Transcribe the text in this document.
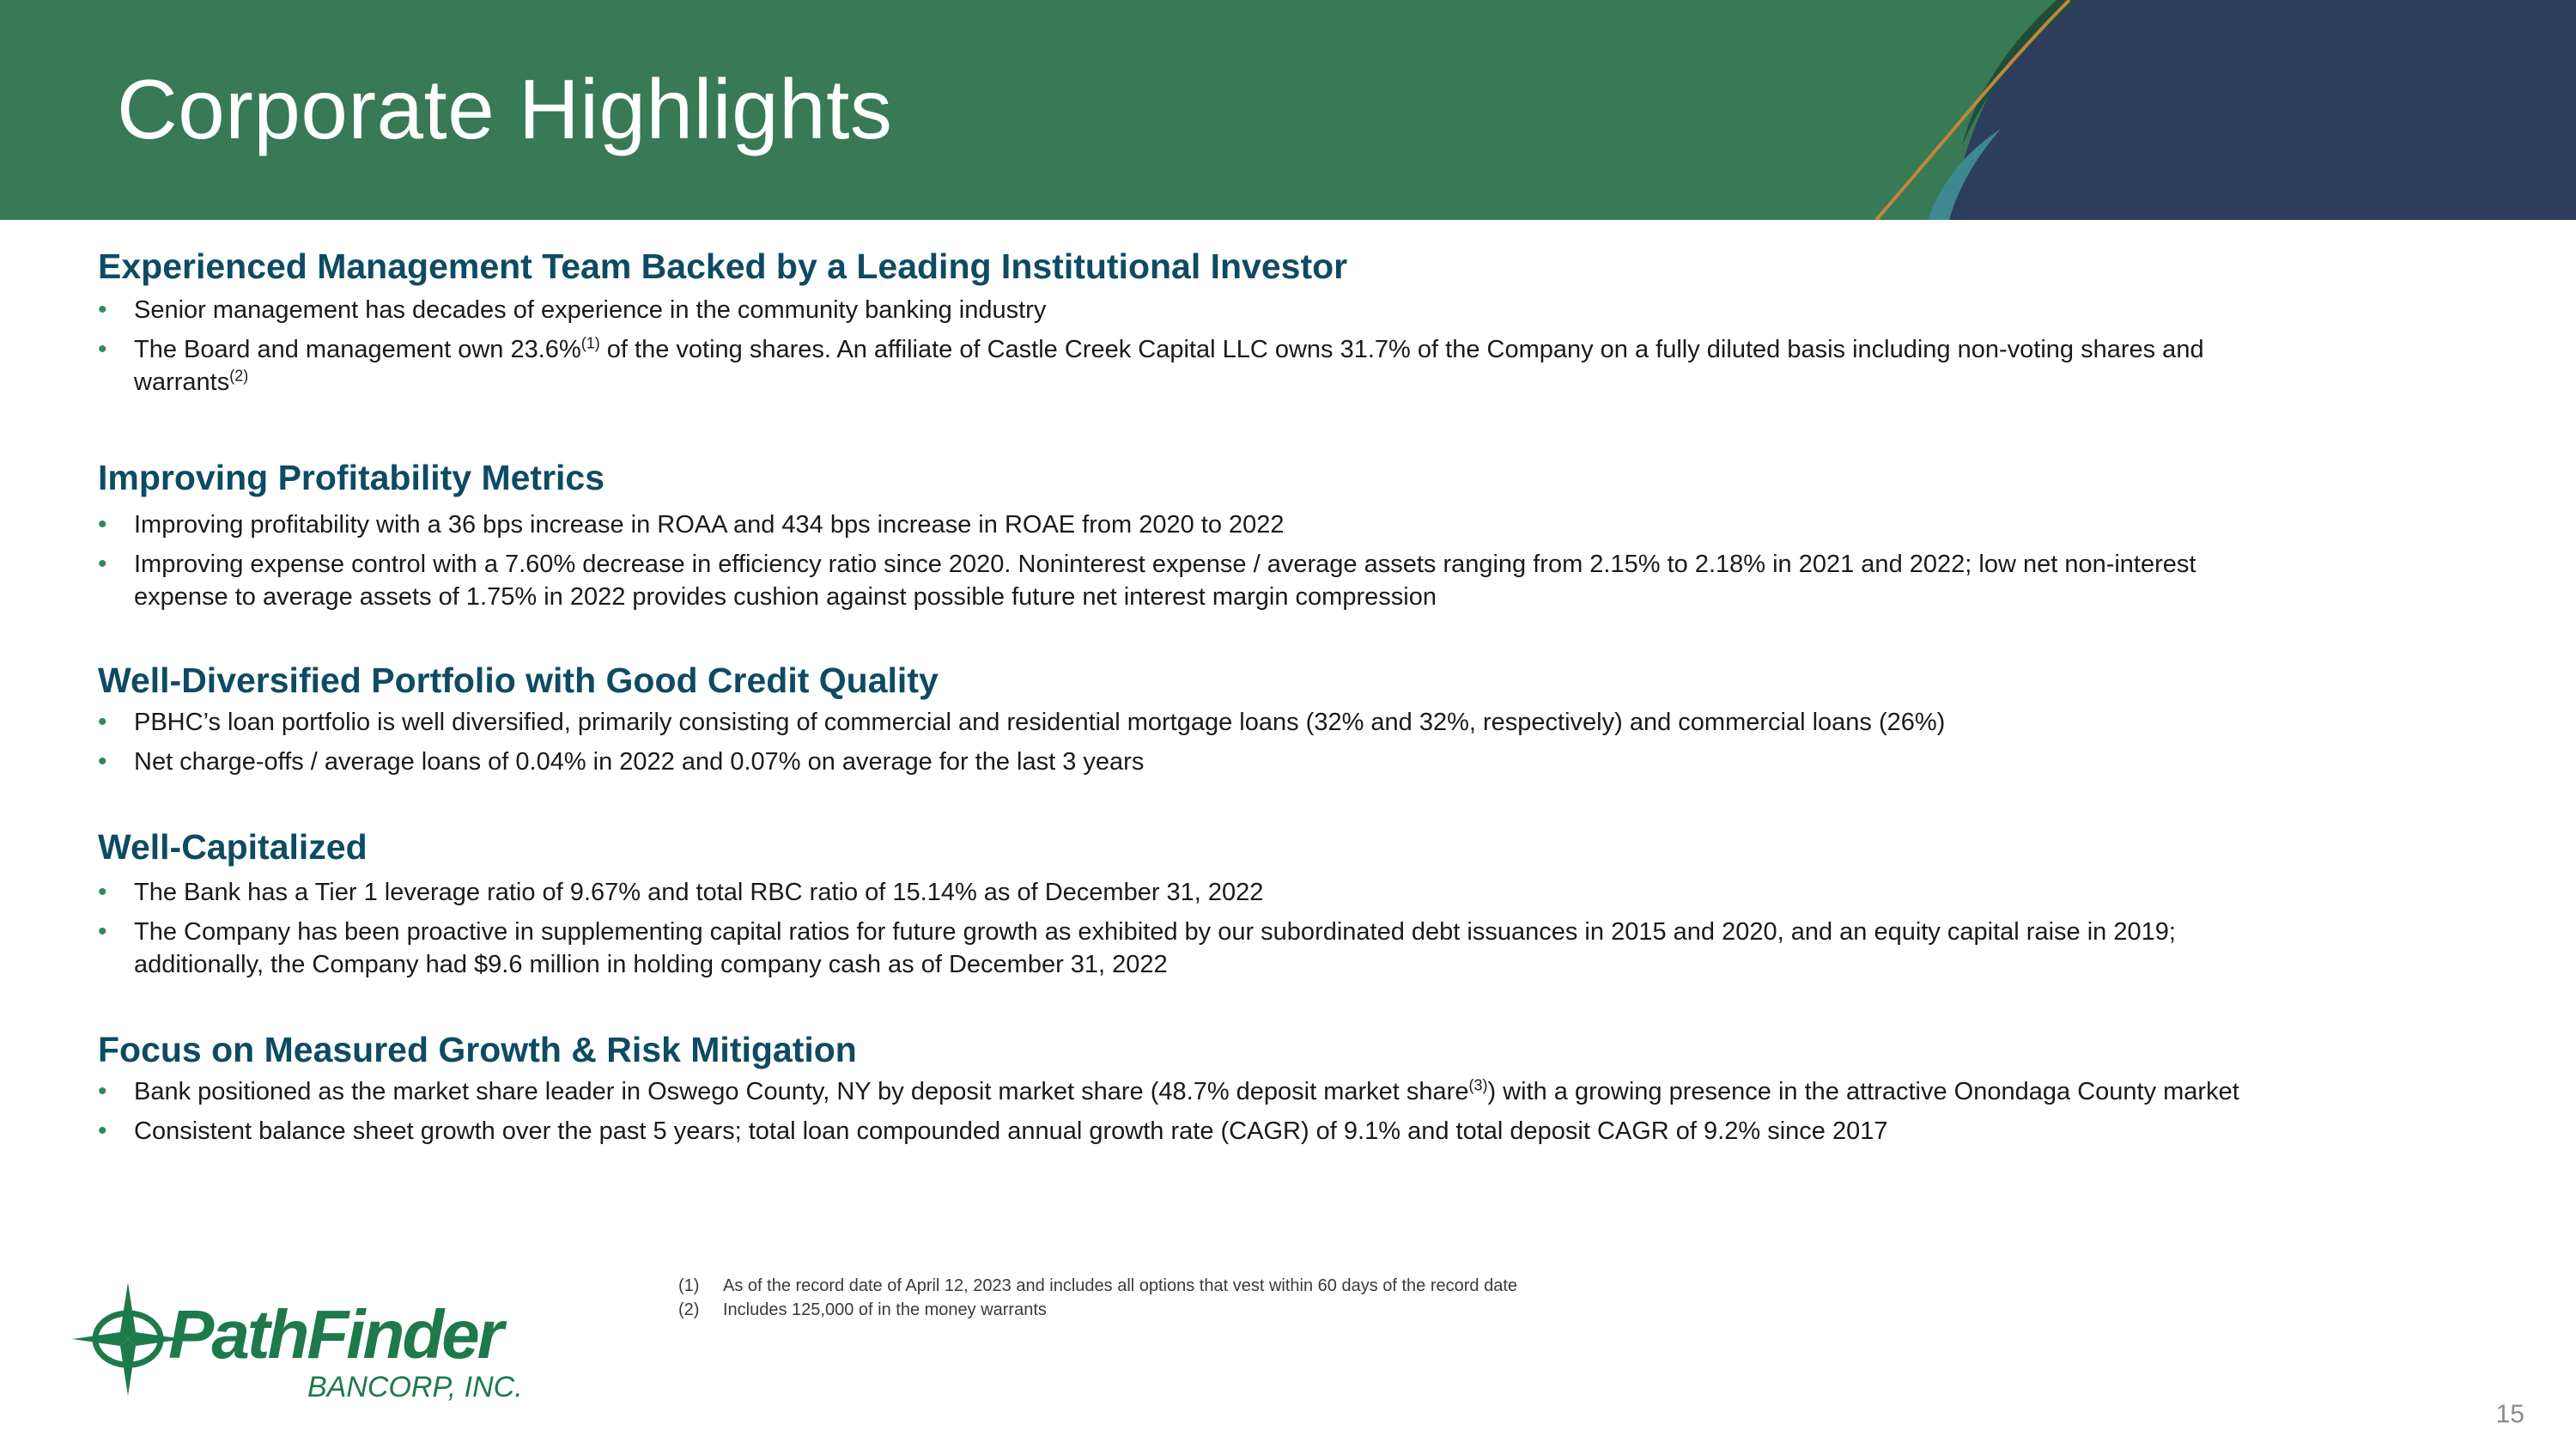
Corporate Highlights
Experienced Management Team Backed by a Leading Institutional Investor
• Senior management has decades of experience in the community banking industry
• The Board and management own 23.6%$^{(1)}$ of the voting shares. An affiliate of Castle Creek Capital LLC owns 31.7% of the Company on a fully diluted basis including non-voting shares and warrants$^{(2)}$
Improving Profitability Metrics
• Improving profitability with a 36 bps increase in ROAA and 434 bps increase in ROAE from 2020 to 2022
• Improving expense control with a 7.60% decrease in efficiency ratio since 2020. Noninterest expense / average assets ranging from 2.15% to 2.18% in 2021 and 2022; low net non-interest expense to average assets of 1.75% in 2022 provides cushion against possible future net interest margin compression
Well-Diversified Portfolio with Good Credit Quality
• PBHC’s loan portfolio is well diversified, primarily consisting of commercial and residential mortgage loans (32% and 32%, respectively) and commercial loans (26%)
• Net charge-offs / average loans of 0.04% in 2022 and 0.07% on average for the last 3 years
Well-Capitalized
• The Bank has a Tier 1 leverage ratio of 9.67% and total RBC ratio of 15.14% as of December 31, 2022
• The Company has been proactive in supplementing capital ratios for future growth as exhibited by our subordinated debt issuances in 2015 and 2020, and an equity capital raise in 2019; additionally, the Company had $9.6 million in holding company cash as of December 31, 2022
Focus on Measured Growth & Risk Mitigation
• Bank positioned as the market share leader in Oswego County, NY by deposit market share (48.7% deposit market share$^{(3)}$) with a growing presence in the attractive Onondaga County market
• Consistent balance sheet growth over the past 5 years; total loan compounded annual growth rate (CAGR) of 9.1% and total deposit CAGR of 9.2% since 2017
(1) As of the record date of April 12, 2023 and includes all options that vest within 60 days of the record date
(2) Includes 125,000 of in the money warrants
PathFinder
BANCORP, INC.
15
